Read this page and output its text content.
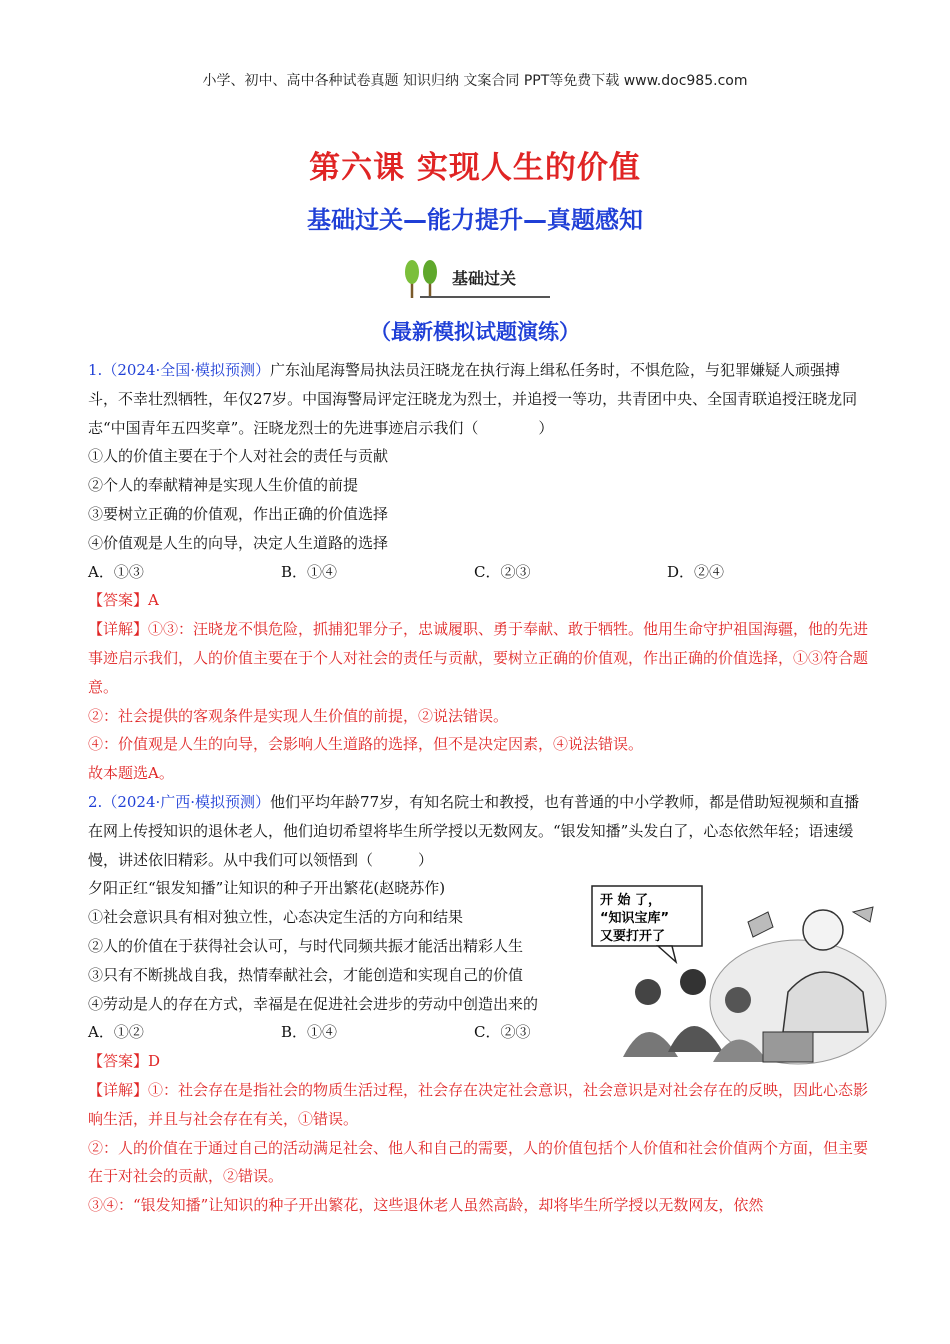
小学、初中、高中各种试卷真题 知识归纳 文案合同 PPT等免费下载 www.doc985.com
第六课 实现人生的价值
基础过关—能力提升—真题感知
基础过关
（最新模拟试题演练）

1.（2024·全国·模拟预测）广东汕尾海警局执法员汪晓龙在执行海上缉私任务时，不惧危险，与犯罪嫌疑人顽强搏斗，不幸壮烈牺牲，年仅27岁。中国海警局评定汪晓龙为烈士，并追授一等功，共青团中央、全国青联追授汪晓龙同志“中国青年五四奖章”。汪晓龙烈士的先进事迹启示我们（　　　　）

①人的价值主要在于个人对社会的责任与贡献

②个人的奉献精神是实现人生价值的前提

③要树立正确的价值观，作出正确的价值选择

④价值观是人生的向导，决定人生道路的选择

A．①③	B．①④	C．②③	D．②④

【答案】A

【详解】①③：汪晓龙不惧危险，抓捕犯罪分子，忠诚履职、勇于奉献、敢于牺牲。他用生命守护祖国海疆，他的先进事迹启示我们，人的价值主要在于个人对社会的责任与贡献，要树立正确的价值观，作出正确的价值选择，①③符合题意。

②：社会提供的客观条件是实现人生价值的前提，②说法错误。

④：价值观是人生的向导，会影响人生道路的选择，但不是决定因素，④说法错误。

故本题选A。

2.（2024·广西·模拟预测）他们平均年龄77岁，有知名院士和教授，也有普通的中小学教师，都是借助短视频和直播在网上传授知识的退休老人，他们迫切希望将毕生所学授以无数网友。“银发知播”头发白了，心态依然年轻；语速缓慢，讲述依旧精彩。从中我们可以领悟到（　　　）

夕阳正红“银发知播”让知识的种子开出繁花(赵晓苏作)

①社会意识具有相对独立性，心态决定生活的方向和结果

②人的价值在于获得社会认可，与时代同频共振才能活出精彩人生

③只有不断挑战自我，热情奉献社会，才能创造和实现自己的价值

④劳动是人的存在方式，幸福是在促进社会进步的劳动中创造出来的

A．①②	B．①④	C．②③
开 始 了，
“知识宝库”
又要打开了

【答案】D

【详解】①：社会存在是指社会的物质生活过程，社会存在决定社会意识，社会意识是对社会存在的反映，因此心态影响生活，并且与社会存在有关，①错误。

②：人的价值在于通过自己的活动满足社会、他人和自己的需要，人的价值包括个人价值和社会价值两个方面，但主要在于对社会的贡献，②错误。

③④：“银发知播”让知识的种子开出繁花，这些退休老人虽然高龄，却将毕生所学授以无数网友，依然
